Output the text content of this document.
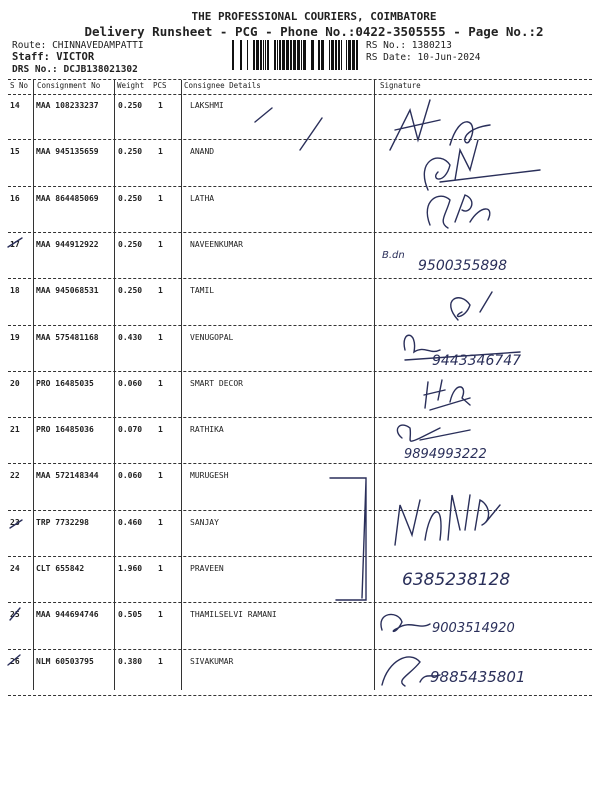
THE PROFESSIONAL COURIERS, COIMBATORE
Delivery Runsheet - PCG - Phone No.:0422-3505555 - Page No.:2
Route: CHINNAVEDAMPATTI
Staff: VICTOR
DRS No.: DCJB138021302
RS No.: 1380213
RS Date: 10-Jun-2024
S No Consignment No Weight PCS Consignee Details	Signature
14 MAA 108233237 0.250 1	LAKSHMI
15 MAA 945135659 0.250 1	ANAND
16 MAA 864485069 0.250 1	LATHA
17 MAA 944912922 0.250 1	NAVEENKUMAR
18 MAA 945068531 0.250 1	TAMIL
19 MAA 575481168 0.430 1	VENUGOPAL
20 PRO 16485035	0.060 1	SMART DECOR
21 PRO 16485036	0.070 1	RATHIKA
22 MAA 572148344 0.060 1	MURUGESH
23 TRP 7732298	0.460 1	SANJAY
24 CLT 655842	1.960 1	PRAVEEN
25 MAA 944694746 0.505 1	THAMILSELVI RAMANI
26 NLM 60503795	0.380 1	SIVAKUMAR
B.dn
9500355898
9443346747
9894993222
6385238128
9003514920
9885435801
